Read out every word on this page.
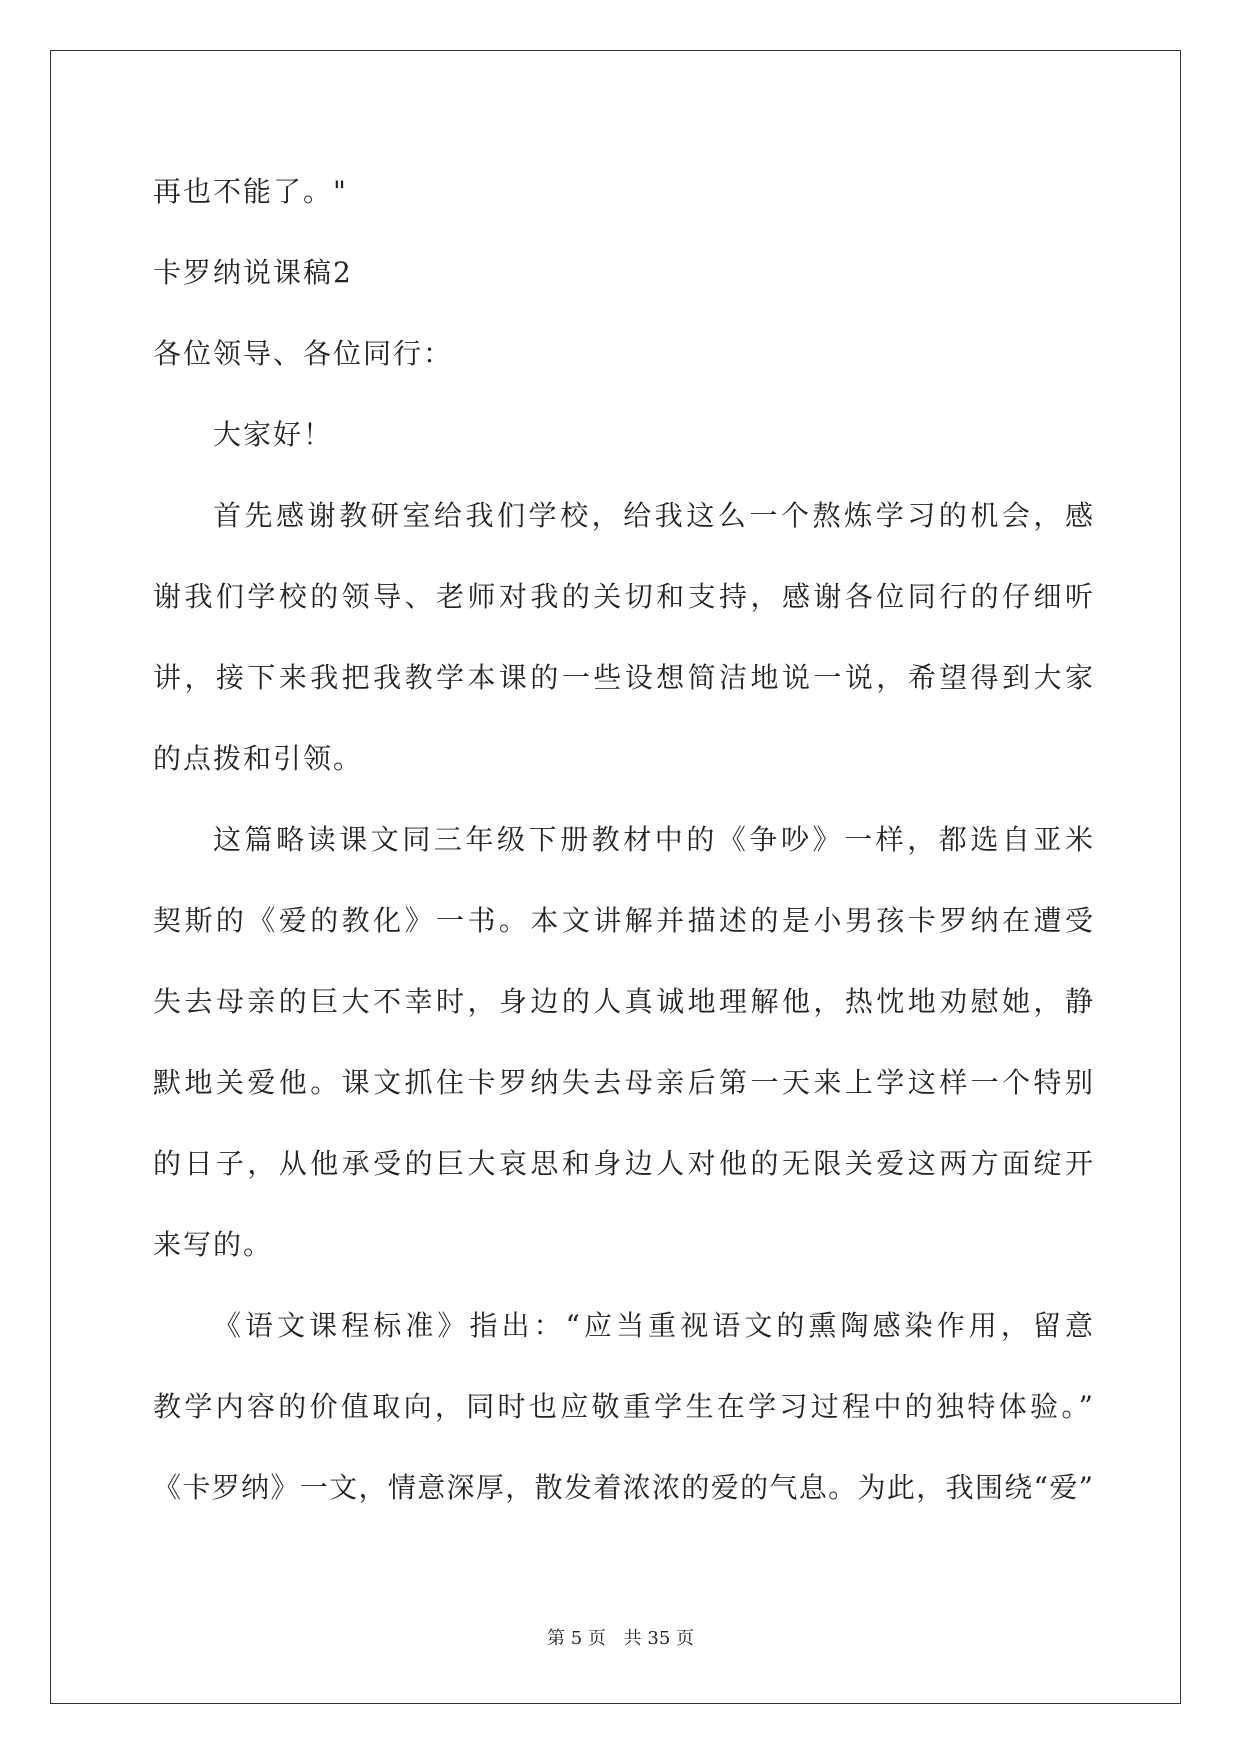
再也不能了。"

卡罗纳说课稿2

各位领导、各位同行：

大家好！

首先感谢教研室给我们学校，给我这么一个熬炼学习的机会，感

谢我们学校的领导、老师对我的关切和支持，感谢各位同行的仔细听

讲，接下来我把我教学本课的一些设想简洁地说一说，希望得到大家

的点拨和引领。

这篇略读课文同三年级下册教材中的《争吵》一样，都选自亚米

契斯的《爱的教化》一书。本文讲解并描述的是小男孩卡罗纳在遭受

失去母亲的巨大不幸时，身边的人真诚地理解他，热忱地劝慰她，静

默地关爱他。课文抓住卡罗纳失去母亲后第一天来上学这样一个特别

的日子，从他承受的巨大哀思和身边人对他的无限关爱这两方面绽开

来写的。

《语文课程标准》指出：“应当重视语文的熏陶感染作用，留意

教学内容的价值取向，同时也应敬重学生在学习过程中的独特体验。”

《卡罗纳》一文，情意深厚，散发着浓浓的爱的气息。为此，我围绕“爱”

第 5 页 共 35 页
